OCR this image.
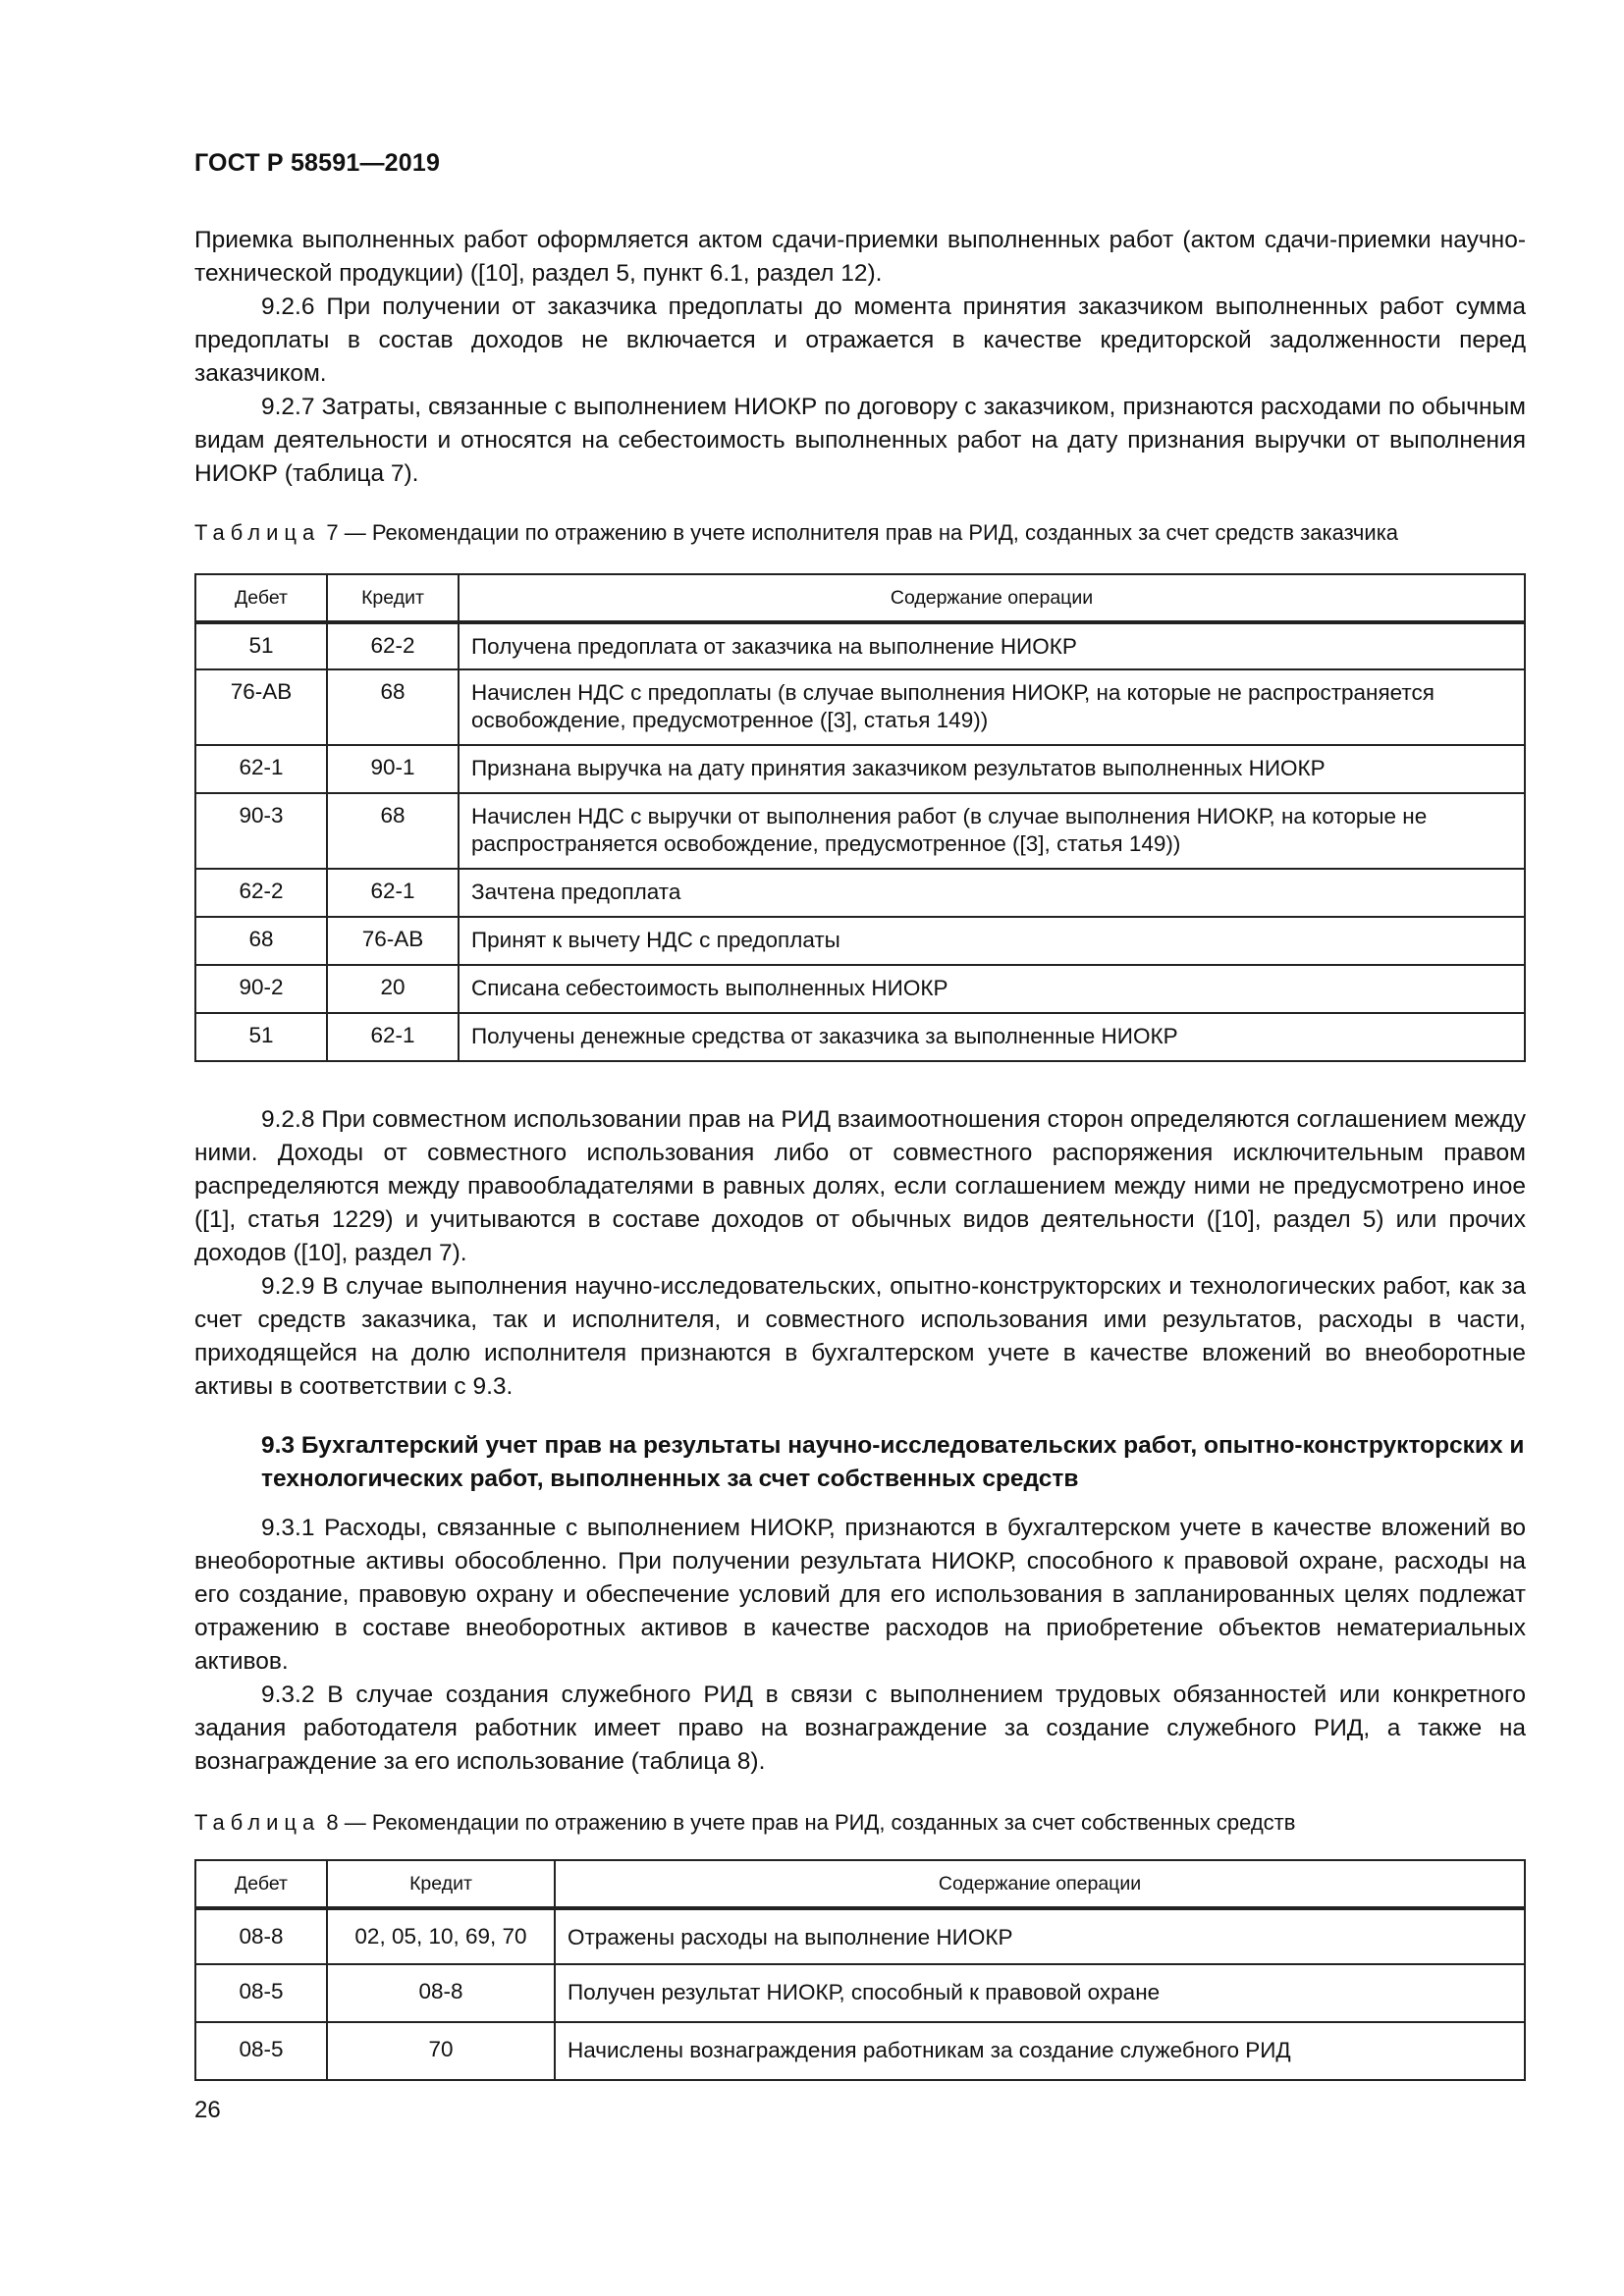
ГОСТ Р 58591—2019

Приемка выполненных работ оформляется актом сдачи-приемки выполненных работ (актом сдачи-приемки научно-технической продукции) ([10], раздел 5, пункт 6.1, раздел 12).

9.2.6 При получении от заказчика предоплаты до момента принятия заказчиком выполненных работ сумма предоплаты в состав доходов не включается и отражается в качестве кредиторской задолженности перед заказчиком.

9.2.7 Затраты, связанные с выполнением НИОКР по договору с заказчиком, признаются расходами по обычным видам деятельности и относятся на себестоимость выполненных работ на дату признания выручки от выполнения НИОКР (таблица 7).

Таблица 7 — Рекомендации по отражению в учете исполнителя прав на РИД, созданных за счет средств заказчика
Дебет	Кредит	Содержание операции
51	62-2	Получена предоплата от заказчика на выполнение НИОКР
76-АВ	68	Начислен НДС с предоплаты (в случае выполнения НИОКР, на которые не распространяется освобождение, предусмотренное ([3], статья 149))
62-1	90-1	Признана выручка на дату принятия заказчиком результатов выполненных НИОКР
90-3	68	Начислен НДС с выручки от выполнения работ (в случае выполнения НИОКР, на которые не распространяется освобождение, предусмотренное ([3], статья 149))
62-2	62-1	Зачтена предоплата
68	76-АВ	Принят к вычету НДС с предоплаты
90-2	20	Списана себестоимость выполненных НИОКР
51	62-1	Получены денежные средства от заказчика за выполненные НИОКР

9.2.8 При совместном использовании прав на РИД взаимоотношения сторон определяются соглашением между ними. Доходы от совместного использования либо от совместного распоряжения исключительным правом распределяются между правообладателями в равных долях, если соглашением между ними не предусмотрено иное ([1], статья 1229) и учитываются в составе доходов от обычных видов деятельности ([10], раздел 5) или прочих доходов ([10], раздел 7).

9.2.9 В случае выполнения научно-исследовательских, опытно-конструкторских и технологических работ, как за счет средств заказчика, так и исполнителя, и совместного использования ими результатов, расходы в части, приходящейся на долю исполнителя признаются в бухгалтерском учете в качестве вложений во внеоборотные активы в соответствии с 9.3.

9.3 Бухгалтерский учет прав на результаты научно-исследовательских работ, опытно-конструкторских и технологических работ, выполненных за счет собственных средств

9.3.1 Расходы, связанные с выполнением НИОКР, признаются в бухгалтерском учете в качестве вложений во внеоборотные активы обособленно. При получении результата НИОКР, способного к правовой охране, расходы на его создание, правовую охрану и обеспечение условий для его использования в запланированных целях подлежат отражению в составе внеоборотных активов в качестве расходов на приобретение объектов нематериальных активов.

9.3.2 В случае создания служебного РИД в связи с выполнением трудовых обязанностей или конкретного задания работодателя работник имеет право на вознаграждение за создание служебного РИД, а также на вознаграждение за его использование (таблица 8).

Таблица 8 — Рекомендации по отражению в учете прав на РИД, созданных за счет собственных средств
Дебет	Кредит	Содержание операции
08-8	02, 05, 10, 69, 70	Отражены расходы на выполнение НИОКР
08-5	08-8	Получен результат НИОКР, способный к правовой охране
08-5	70	Начислены вознаграждения работникам за создание служебного РИД
26
